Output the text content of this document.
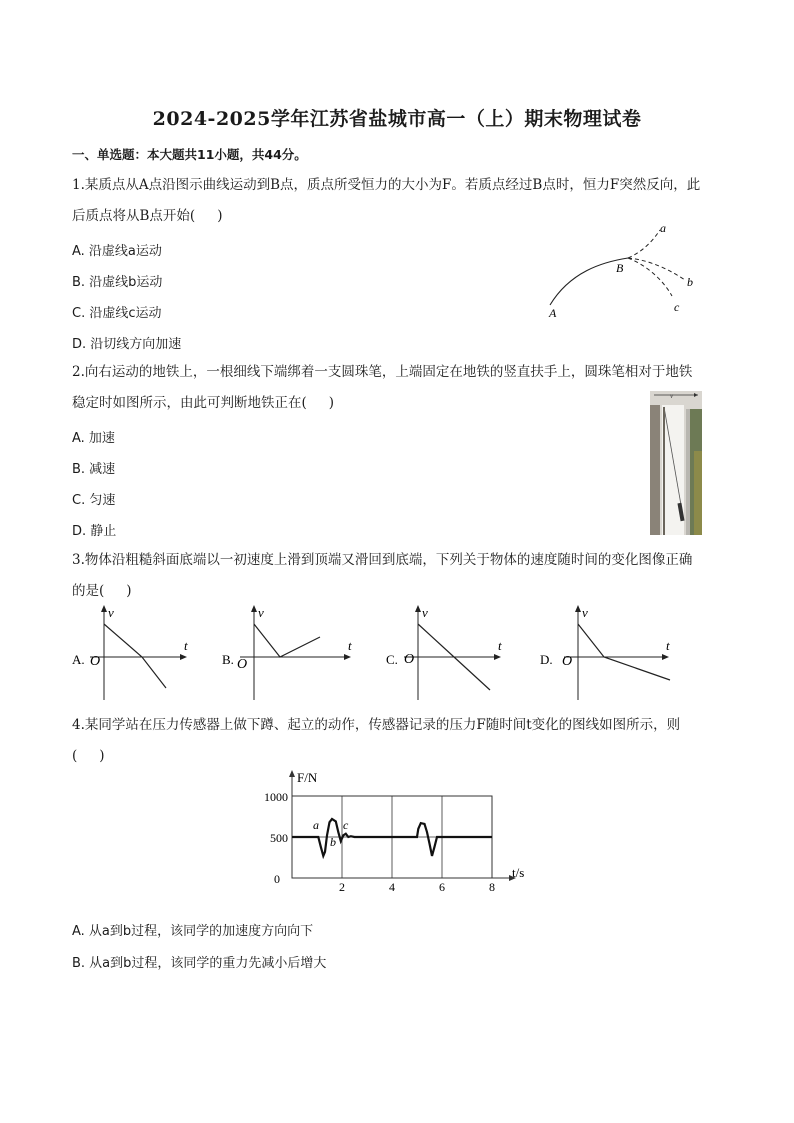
2024-2025学年江苏省盐城市高一（上）期末物理试卷
一、单选题：本大题共11小题，共44分。
1.某质点从A点沿图示曲线运动到B点，质点所受恒力的大小为F。若质点经过B点时，恒力F突然反向，此
后质点将从B点开始( )
A. 沿虚线a运动
B. 沿虚线b运动
C. 沿虚线c运动
D. 沿切线方向加速
A
B
a
b
c
2.向右运动的地铁上，一根细线下端绑着一支圆珠笔，上端固定在地铁的竖直扶手上，圆珠笔相对于地铁
稳定时如图所示，由此可判断地铁正在( )
A. 加速
B. 减速
C. 匀速
D. 静止
v
3.物体沿粗糙斜面底端以一初速度上滑到顶端又滑回到底端，下列关于物体的速度随时间的变化图像正确
的是( )
A.
v
t
O	B.
v
t
O	C.
v
t
O	D.
v
t
O
4.某同学站在压力传感器上做下蹲、起立的动作，传感器记录的压力F随时间t变化的图线如图所示，则
( )
1000
500
0
2	4	6	8
F/N
t/s
a
b
c
A. 从a到b过程，该同学的加速度方向向下
B. 从a到b过程，该同学的重力先减小后增大
